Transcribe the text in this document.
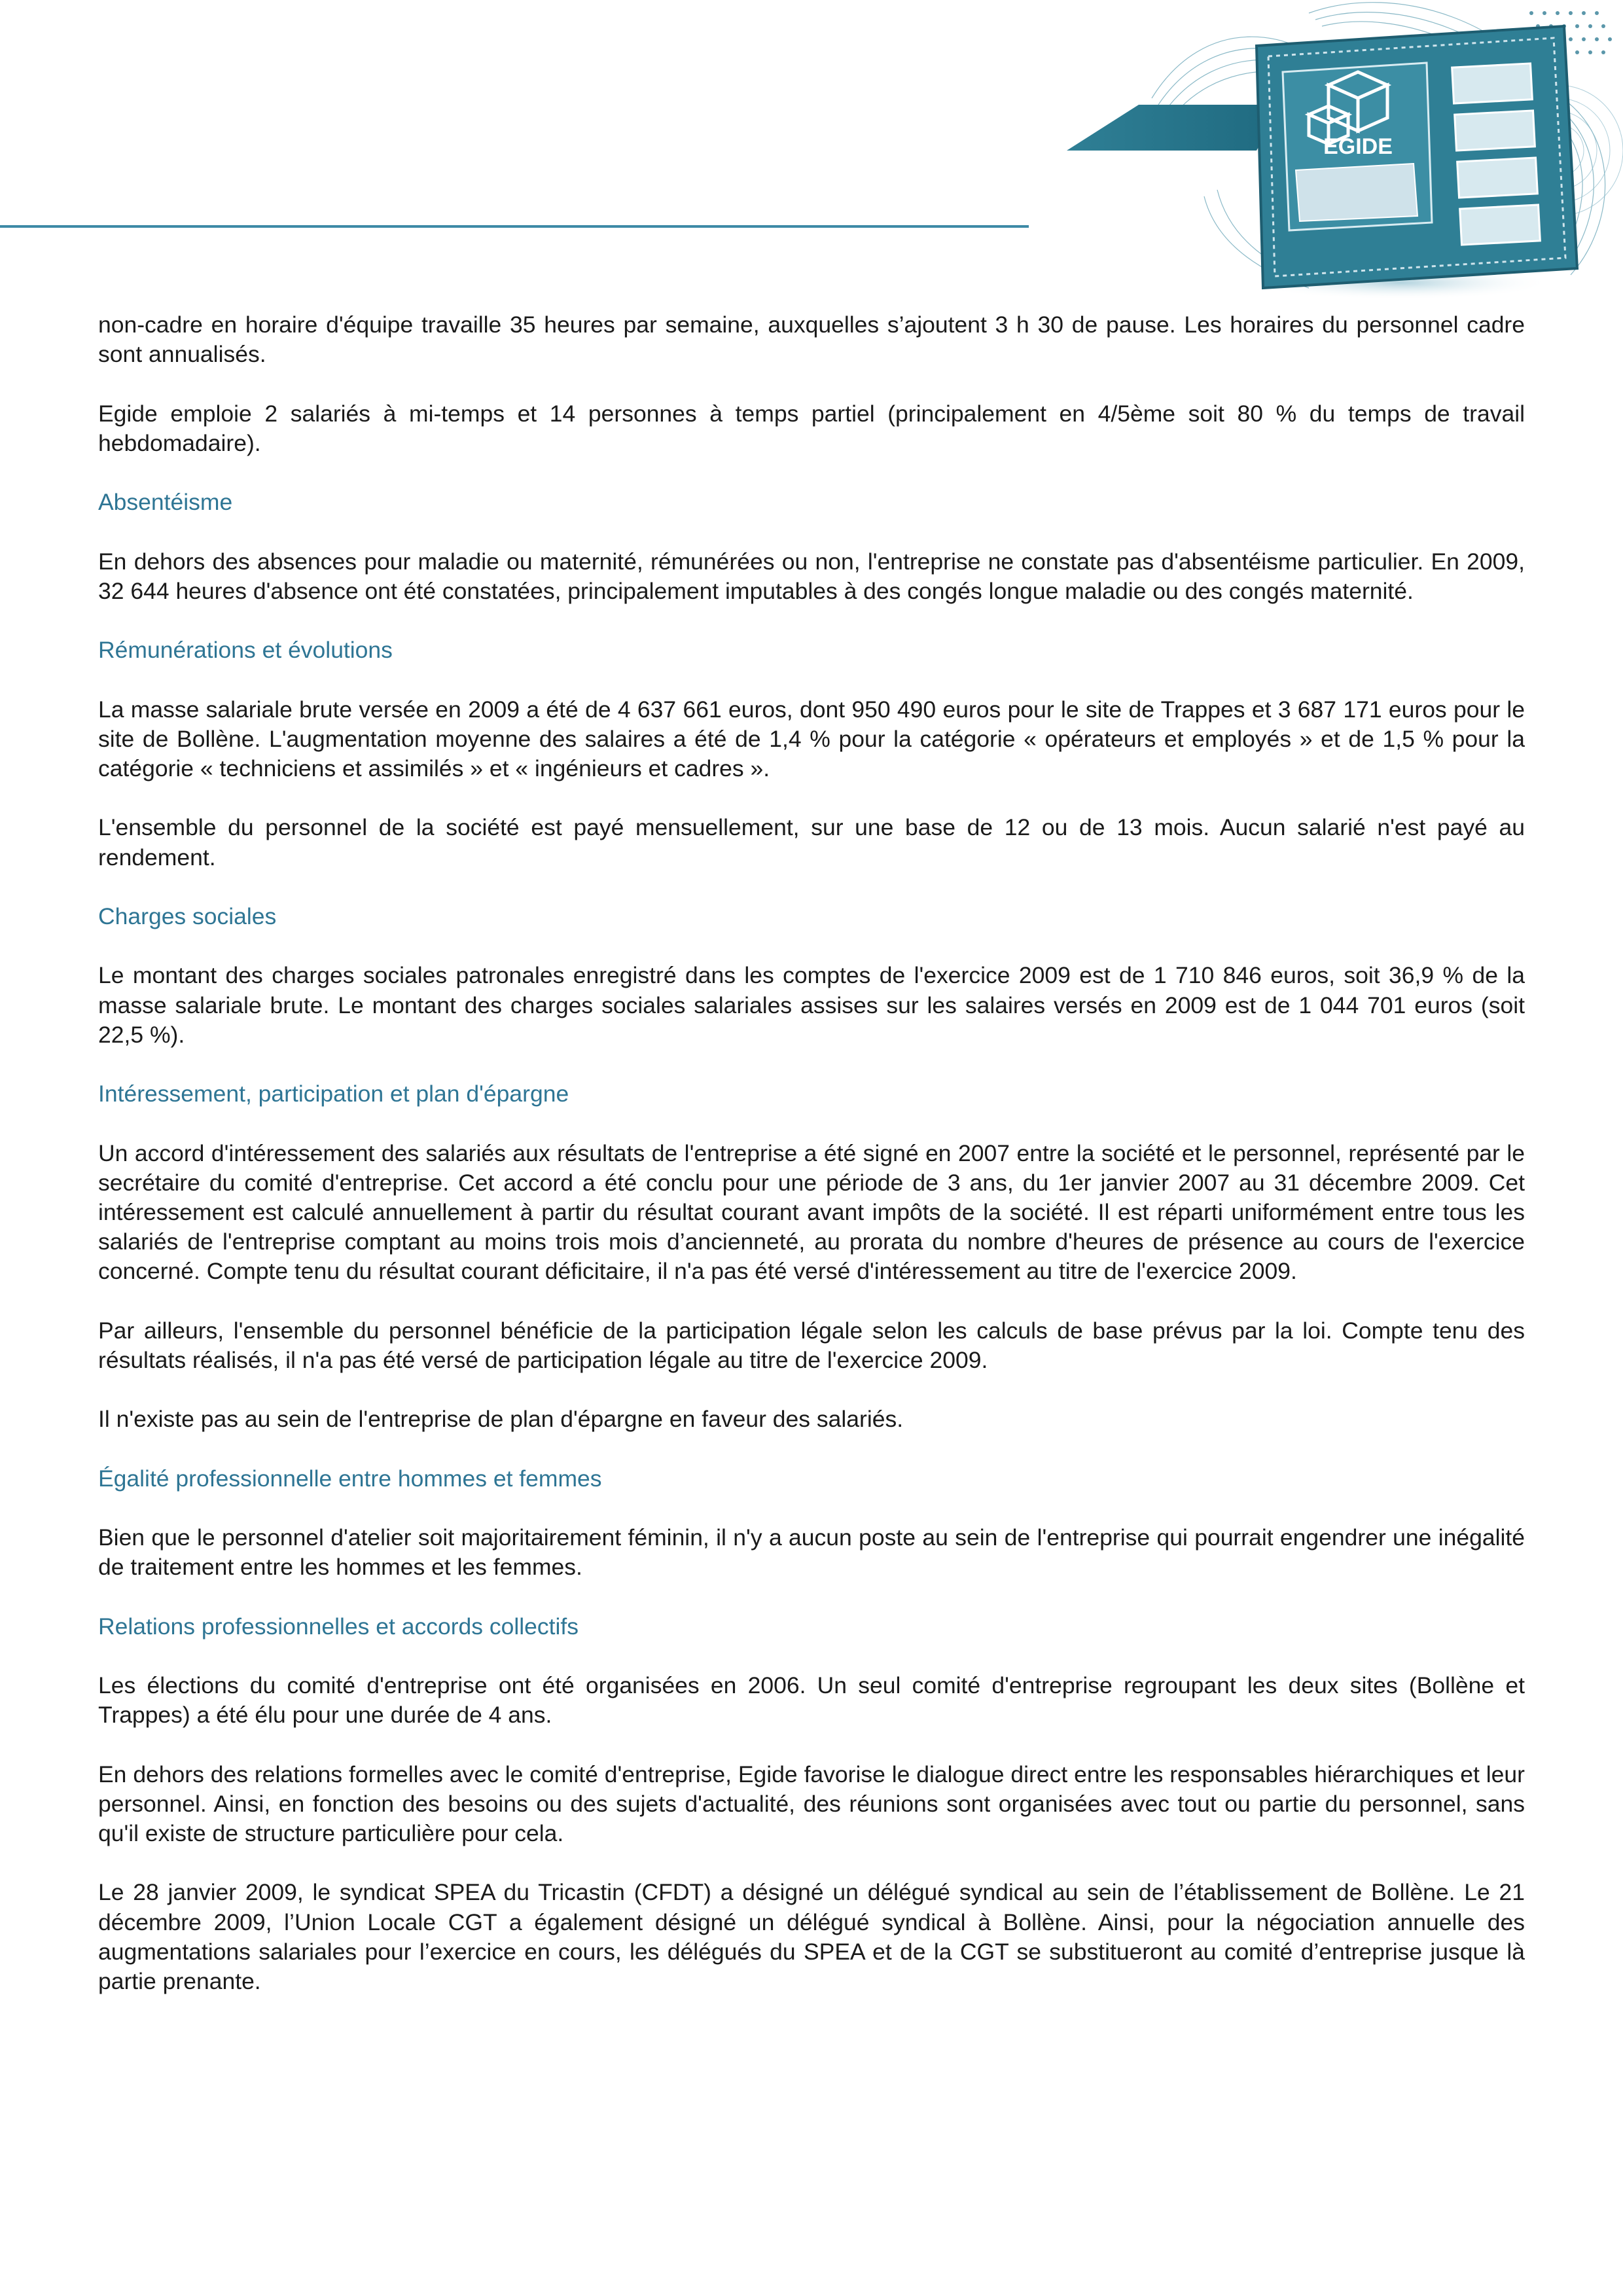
EGIDE

non-cadre en horaire d'équipe travaille 35 heures par semaine, auxquelles s’ajoutent 3 h 30 de pause. Les horaires du personnel cadre sont annualisés.

Egide emploie 2 salariés à mi-temps et 14 personnes à temps partiel (principalement en 4/5ème soit 80 % du temps de travail hebdomadaire).

Absentéisme

En dehors des absences pour maladie ou maternité, rémunérées ou non, l'entreprise ne constate pas d'absentéisme particulier. En 2009, 32 644 heures d'absence ont été constatées, principalement imputables à des congés longue maladie ou des congés maternité.

Rémunérations et évolutions

La masse salariale brute versée en 2009 a été de 4 637 661 euros, dont 950 490 euros pour le site de Trappes et 3 687 171 euros pour le site de Bollène. L'augmentation moyenne des salaires a été de 1,4 % pour la catégorie « opérateurs et employés » et de 1,5 % pour la catégorie « techniciens et assimilés » et « ingénieurs et cadres ».

L'ensemble du personnel de la société est payé mensuellement, sur une base de 12 ou de 13 mois. Aucun salarié n'est payé au rendement.

Charges sociales

Le montant des charges sociales patronales enregistré dans les comptes de l'exercice 2009 est de 1 710 846 euros, soit 36,9 % de la masse salariale brute. Le montant des charges sociales salariales assises sur les salaires versés en 2009 est de 1 044 701 euros (soit 22,5 %).

Intéressement, participation et plan d'épargne

Un accord d'intéressement des salariés aux résultats de l'entreprise a été signé en 2007 entre la société et le personnel, représenté par le secrétaire du comité d'entreprise. Cet accord a été conclu pour une période de 3 ans, du 1er janvier 2007 au 31 décembre 2009. Cet intéressement est calculé annuellement à partir du résultat courant avant impôts de la société. Il est réparti uniformément entre tous les salariés de l'entreprise comptant au moins trois mois d’ancienneté, au prorata du nombre d'heures de présence au cours de l'exercice concerné. Compte tenu du résultat courant déficitaire, il n'a pas été versé d'intéressement au titre de l'exercice 2009.

Par ailleurs, l'ensemble du personnel bénéficie de la participation légale selon les calculs de base prévus par la loi. Compte tenu des résultats réalisés, il n'a pas été versé de participation légale au titre de l'exercice 2009.

Il n'existe pas au sein de l'entreprise de plan d'épargne en faveur des salariés.

Égalité professionnelle entre hommes et femmes

Bien que le personnel d'atelier soit majoritairement féminin, il n'y a aucun poste au sein de l'entreprise qui pourrait engendrer une inégalité de traitement entre les hommes et les femmes.

Relations professionnelles et accords collectifs

Les élections du comité d'entreprise ont été organisées en 2006. Un seul comité d'entreprise regroupant les deux sites (Bollène et Trappes) a été élu pour une durée de 4 ans.

En dehors des relations formelles avec le comité d'entreprise, Egide favorise le dialogue direct entre les responsables hiérarchiques et leur personnel. Ainsi, en fonction des besoins ou des sujets d'actualité, des réunions sont organisées avec tout ou partie du personnel, sans qu'il existe de structure particulière pour cela.

Le 28 janvier 2009, le syndicat SPEA du Tricastin (CFDT) a désigné un délégué syndical au sein de l’établissement de Bollène. Le 21 décembre 2009, l’Union Locale CGT a également désigné un délégué syndical à Bollène. Ainsi, pour la négociation annuelle des augmentations salariales pour l’exercice en cours, les délégués du SPEA et de la CGT se substitueront au comité d’entreprise jusque là partie prenante.
